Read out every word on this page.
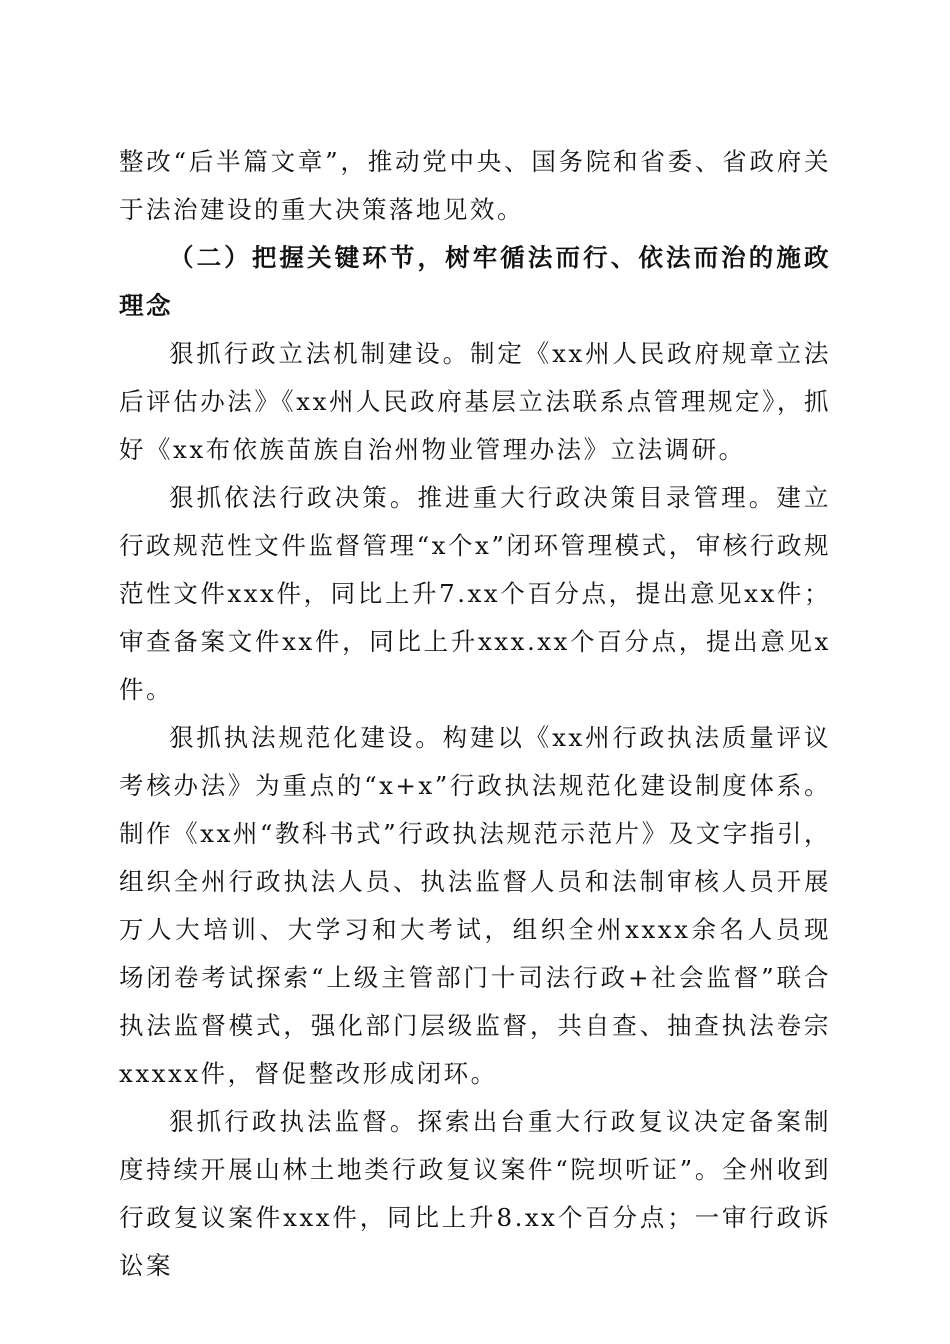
整改“后半篇文章”，推动党中央、国务院和省委、省政府关于法治建设的重大决策落地见效。

（二）把握关键环节，树牢循法而行、依法而治的施政理念

狠抓行政立法机制建设。制定《xx州人民政府规章立法后评估办法》《xx州人民政府基层立法联系点管理规定》，抓好《xx布依族苗族自治州物业管理办法》立法调研。

狠抓依法行政决策。推进重大行政决策目录管理。建立行政规范性文件监督管理“x个x”闭环管理模式，审核行政规范性文件xxx件，同比上升7.xx个百分点，提出意见xx件；审查备案文件xx件，同比上升xxx.xx个百分点，提出意见x件。

狠抓执法规范化建设。构建以《xx州行政执法质量评议考核办法》为重点的“x+x”行政执法规范化建设制度体系。制作《xx州“教科书式”行政执法规范示范片》及文字指引，组织全州行政执法人员、执法监督人员和法制审核人员开展万人大培训、大学习和大考试，组织全州xxxx余名人员现场闭卷考试探索“上级主管部门十司法行政+社会监督”联合执法监督模式，强化部门层级监督，共自查、抽查执法卷宗xxxxx件，督促整改形成闭环。

狠抓行政执法监督。探索出台重大行政复议决定备案制度持续开展山林土地类行政复议案件“院坝听证”。全州收到行政复议案件xxx件，同比上升8.xx个百分点；一审行政诉讼案
